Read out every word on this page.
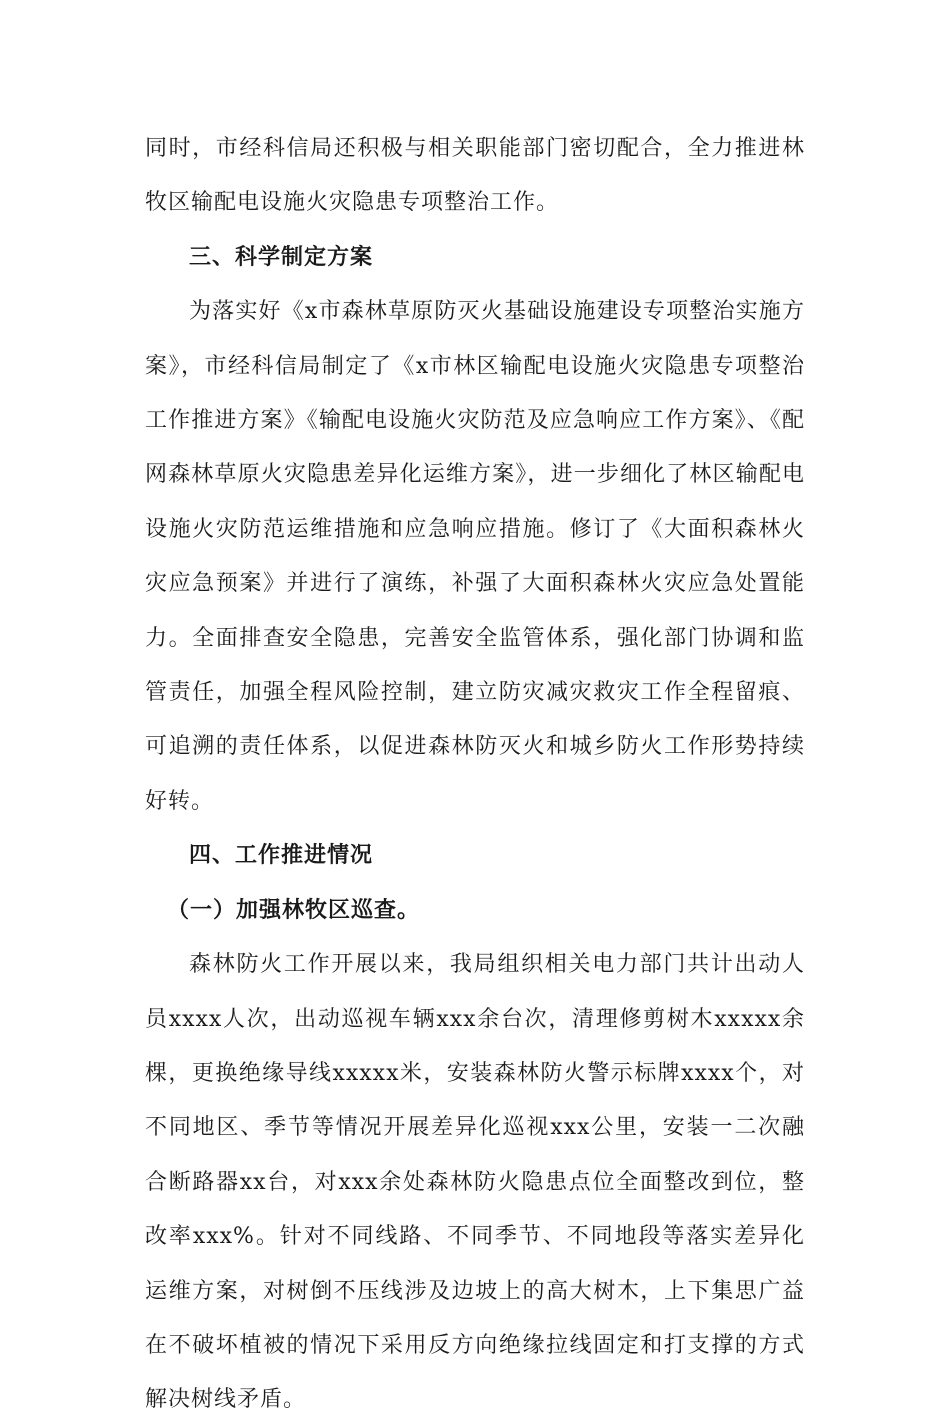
同时，市经科信局还积极与相关职能部门密切配合，全力推进林牧区输配电设施火灾隐患专项整治工作。

三、科学制定方案

为落实好《x市森林草原防灭火基础设施建设专项整治实施方案》，市经科信局制定了《x市林区输配电设施火灾隐患专项整治工作推进方案》《输配电设施火灾防范及应急响应工作方案》、《配网森林草原火灾隐患差异化运维方案》，进一步细化了林区输配电设施火灾防范运维措施和应急响应措施。修订了《大面积森林火灾应急预案》并进行了演练，补强了大面积森林火灾应急处置能力。全面排查安全隐患，完善安全监管体系，强化部门协调和监管责任，加强全程风险控制，建立防灾减灾救灾工作全程留痕、可追溯的责任体系，以促进森林防灭火和城乡防火工作形势持续好转。

四、工作推进情况
（一）加强林牧区巡查。

森林防火工作开展以来，我局组织相关电力部门共计出动人员xxxx人次，出动巡视车辆xxx余台次，清理修剪树木xxxxx余棵，更换绝缘导线xxxxx米，安装森林防火警示标牌xxxx个，对不同地区、季节等情况开展差异化巡视xxx公里，安装一二次融合断路器xx台，对xxx余处森林防火隐患点位全面整改到位，整改率xxx%。针对不同线路、不同季节、不同地段等落实差异化运维方案，对树倒不压线涉及边坡上的高大树木，上下集思广益在不破坏植被的情况下采用反方向绝缘拉线固定和打支撑的方式解决树线矛盾。
